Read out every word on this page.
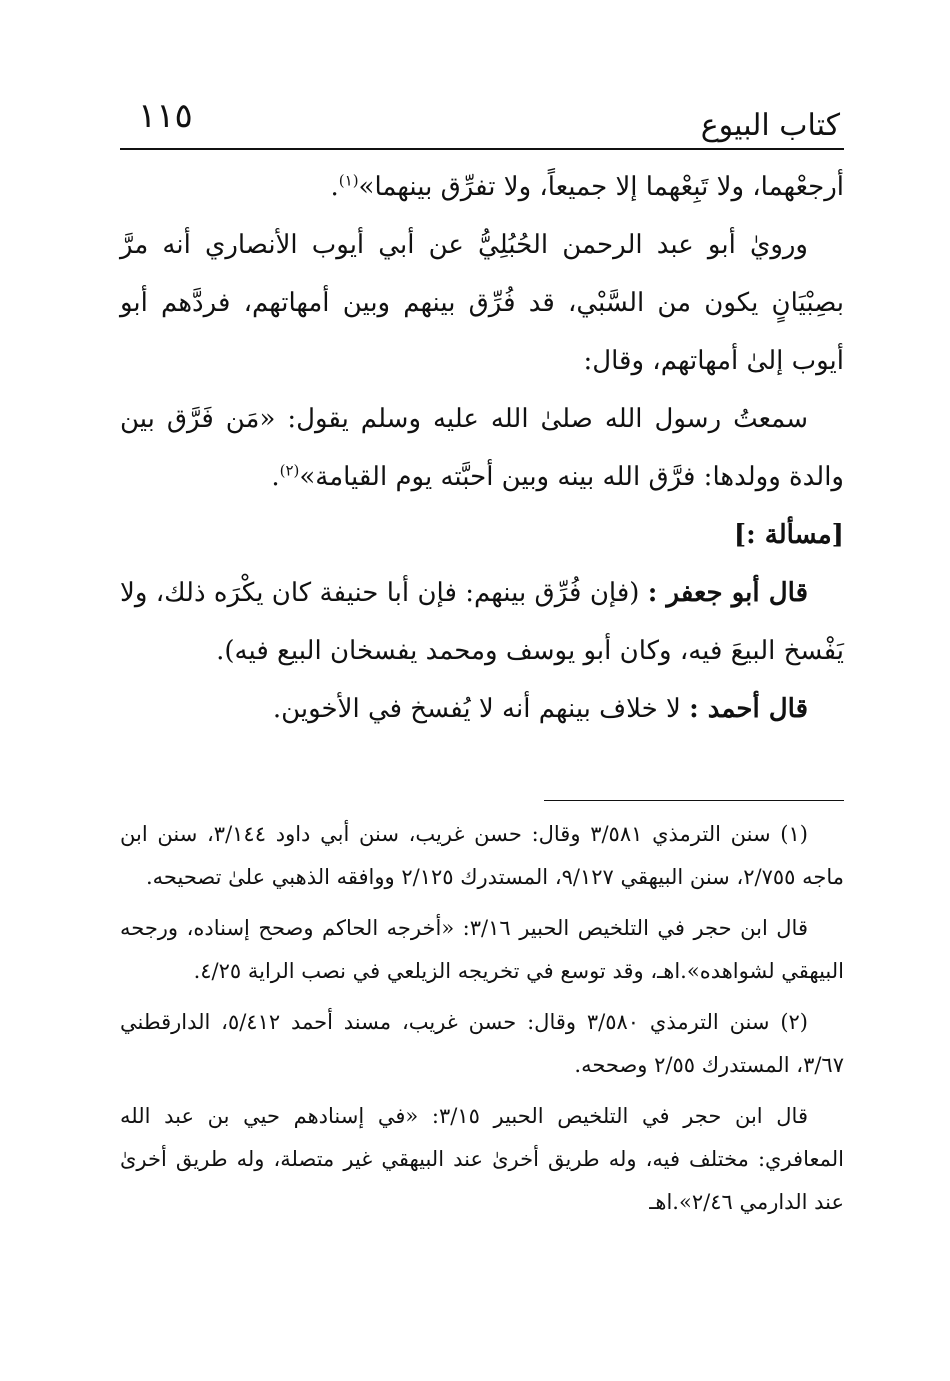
كتاب البيوع
١١٥

أرجعْهما، ولا تَبِعْهما إلا جميعاً، ولا تفرِّق بينهما»$^{(١)}$.

ورويٰ أبو عبد الرحمن الحُبُلِيُّ عن أبي أيوب الأنصاري أنه مرَّ بصِبْيَانٍ يكون من السَّبْي، قد فُرِّق بينهم وبين أمهاتهم، فردَّهم أبو أيوب إلىٰ أمهاتهم، وقال:

سمعتُ رسول الله صلىٰ الله عليه وسلم يقول: «مَن فَرَّق بين والدة وولدها: فرَّق الله بينه وبين أحبَّته يوم القيامة»$^{(٢)}$.

[مسألة :]

قال أبو جعفر : (فإن فُرِّق بينهم: فإن أبا حنيفة كان يكْرَه ذلك، ولا يَفْسخ البيعَ فيه، وكان أبو يوسف ومحمد يفسخان البيع فيه).

قال أحمد : لا خلاف بينهم أنه لا يُفسخ في الأخوين.

(١) سنن الترمذي ٣/٥٨١ وقال: حسن غريب، سنن أبي داود ٣/١٤٤، سنن ابن ماجه ٢/٧٥٥، سنن البيهقي ٩/١٢٧، المستدرك ٢/١٢٥ ووافقه الذهبي علىٰ تصحيحه.

قال ابن حجر في التلخيص الحبير ٣/١٦: «أخرجه الحاكم وصحح إسناده، ورجحه البيهقي لشواهده».اهـ، وقد توسع في تخريجه الزيلعي في نصب الراية ٤/٢٥.

(٢) سنن الترمذي ٣/٥٨٠ وقال: حسن غريب، مسند أحمد ٥/٤١٢، الدارقطني ٣/٦٧، المستدرك ٢/٥٥ وصححه.

قال ابن حجر في التلخيص الحبير ٣/١٥: «في إسنادهم حيي بن عبد الله المعافري: مختلف فيه، وله طريق أخرىٰ عند البيهقي غير متصلة، وله طريق أخرىٰ عند الدارمي ٢/٤٦».اهـ
